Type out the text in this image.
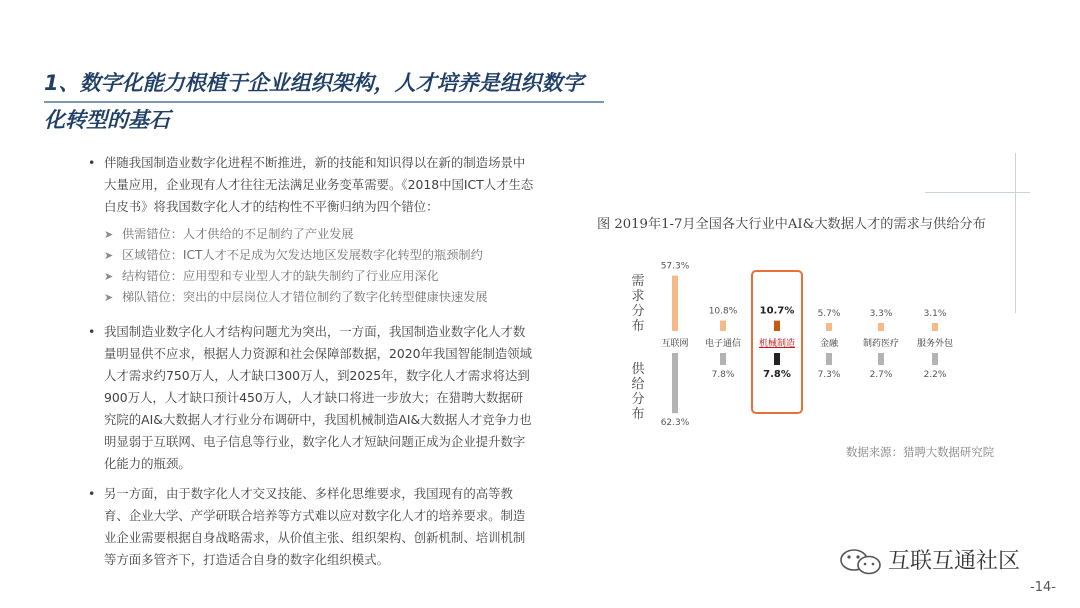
1、数字化能力根植于企业组织架构，人才培养是组织数字
化转型的基石

• 伴随我国制造业数字化进程不断推进，新的技能和知识得以在新的制造场景中大量应用，企业现有人才往往无法满足业务变革需要。《2018中国ICT人才生态白皮书》将我国数字化人才的结构性不平衡归纳为四个错位：

➤ 供需错位：人才供给的不足制约了产业发展
➤ 区域错位：ICT人才不足成为欠发达地区发展数字化转型的瓶颈制约
➤ 结构错位：应用型和专业型人才的缺失制约了行业应用深化
➤ 梯队错位：突出的中层岗位人才错位制约了数字化转型健康快速发展

• 我国制造业数字化人才结构问题尤为突出，一方面，我国制造业数字化人才数量明显供不应求，根据人力资源和社会保障部数据，2020年我国智能制造领域人才需求约750万人，人才缺口300万人，到2025年，数字化人才需求将达到900万人，人才缺口预计450万人，人才缺口将进一步放大；在猎聘大数据研究院的AI&大数据人才行业分布调研中，我国机械制造AI&大数据人才竞争力也明显弱于互联网、电子信息等行业，数字化人才短缺问题正成为企业提升数字化能力的瓶颈。

• 另一方面，由于数字化人才交叉技能、多样化思维要求，我国现有的高等教育、企业大学、产学研联合培养等方式难以应对数字化人才的培养要求。制造业企业需要根据自身战略需求，从价值主张、组织架构、创新机制、培训机制等方面多管齐下，打造适合自身的数字化组织模式。

图 2019年1-7月全国各大行业中AI&大数据人才的需求与供给分布
需
求
分
布
供
给
分
布
57.3%
互联网
62.3%
10.8%
电子通信
7.8%
10.7%
机械制造
7.8%
5.7%
金融
7.3%
3.3%
制药医疗
2.7%
3.1%
服务外包
2.2%
数据来源：猎聘大数据研究院
互联互通社区
-14-
